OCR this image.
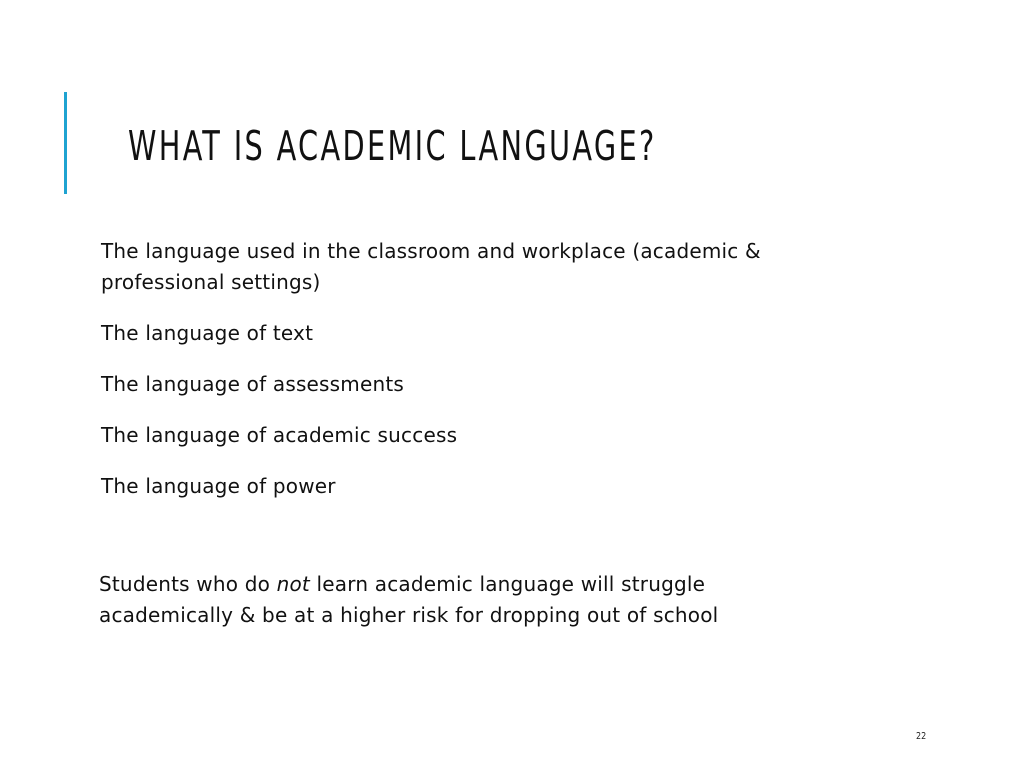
WHAT IS ACADEMIC LANGUAGE?
The language used in the classroom and workplace (academic & professional settings)
The language of text
The language of assessments
The language of academic success
The language of power

Students who do not learn academic language will struggle academically & be at a higher risk for dropping out of school

22
